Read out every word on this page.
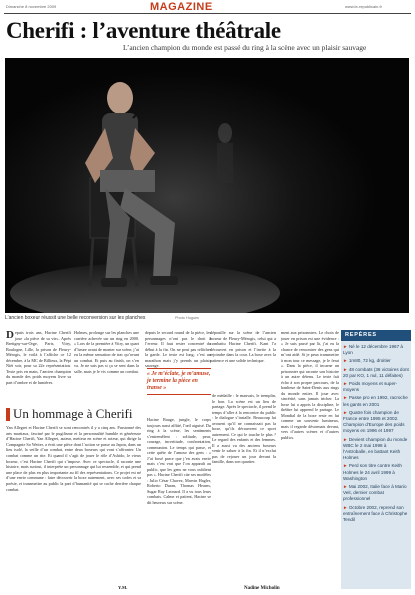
Dimanche 8 novembre 2009	MAGAZINE	www.le-republicain.fr
Cherifi : l’aventure théâtrale
L’ancien champion du monde est passé du ring à la scène avec un plaisir sauvage
L’ancien boxeur réussit une belle reconversion sur les planches	Photo Hugues
D epuis trois ans, Hacine Cherifi joue «la pièce de sa vie». Après Bretigny-sur-Orge, Paris, Vitry, Boulogne, Lille, la prison de Fleury-Mérogis, le voilà à l’affiche ce 12 décembre, à la MC de Billieux, la Pépi Nièt soir, pour sa 22e représentation. Texte pris en main, l’ancien champion du monde des poids moyens livre sa part d’ombre et de lumières.

Holmes, prolonge sur les planches une carrière achevée sur un ring en 2000. « Lors de la première à Vitry, un quart d’heure avant de monter sur scène, j’ai eu la même sensation de trac qu’avant un combat. Et puis au finish, on s’en va. Je ne sais pas si ça se sent dans la salle, mais je le vis comme un combat.

depuis le second round de la pièce, les personnages n’ont pas le droit à l’erreur. Il faut rester concentré du début à la fin. On ne peut pas relâcher la garde. Le texte est long, c’est un marathon mais j’y prends un plaisir sauvage.

dépouille sur la scène de l’ancien boxeur de Fleury-Mérogis, celui qui a combattu Hacine Cherifi. Kant l’a découvert en prison et l’invite à la rejoindre dans la cour. La boxe avec la patience et une solide technique.

« Je m’éclate, je m’amuse, je termine la pièce en transe »

Hacine Bauge, jungle, le corps toujours aussi affûté, l’œil aiguisé. Du ring à la scène, les sentiments s’entremêlent : solitude, peur, courage, incertitude, confrontation, communion. Le temps qui passe, et cette quête de l’amour des gens : « J’ai boxé parce que j’en avais envie mais c’est vrai que l’on apparaît au public, que les gens ne vous oublient pas ». Hacine Cherifi cite ses modèles : Julio César Chavez, Marvin Hagler, Roberto Duran, Thomas Hearns, Sugar Ray Leonard. Il a vu tous leurs combats. Calme et patient, Hacine se dit heureux sur scène.

de médaille : le mauvais, le tremplin, le bon. La scène est un lieu de partage. Après le spectacle, il prend le temps d’aller à la rencontre du public : le dialogue s’installe. Beaucoup lui avouent qu’il ne connaissait pas la boxe, qu’ils découvrent ce sport autrement. Ce qui le touche le plus ? Le regard des enfants et des femmes. Il a aussi vu des anciens boxeurs venir le saluer à la fin. Et il n’exclut pas de rejouer un jour devant la famille, dans son quartier.

ment aux prisonniers. Le choix de jouer en prison est une évidence : « Je suis passé par là, j’ai eu la chance de rencontrer des gens qui m’ont aidé. Si je peux transmettre à mon tour ce message, je le ferai ». Dans la pièce, il incarne un prisonnier qui raconte son histoire à un autre détenu. Le texte fait écho à son propre parcours, de la banlieue de Saint-Denis aux rings du monde entier. Il joue avec sincérité, sans jamais tricher. La boxe lui a appris la discipline, le théâtre lui apprend le partage. Le Mondial de la boxe reste en lui comme un souvenir lumineux, mais il regarde désormais devant, vers d’autres scènes et d’autres publics.

Nadine Micholin
Un hommage à Cherifi
Yan Allegret et Hacine Cherifi se sont rencontrés il y a cinq ans. Passionné des arts martiaux, fasciné par le pugilisme et la personnalité humble et généreuse d’Hacine Cherifi, Yan Allegret, auteur, metteur en scène et acteur, qui dirige la Compagnie So Weiter, a écrit une pièce dont l’action se passe au Japon, dans un lieu isolé, la veille d’un combat, entre deux boxeurs qui vont s’affronter. Un combat comme un rite. Et quand il s’agit de jouer le rôle d’Ashido, le vieux boxeur, c’est Hacine Cherifi qui s’impose. Avec ce spectacle, il raconte une histoire, mais surtout, il interprète un personnage qui lui ressemble, et qui prend une place de plus en plus importante au fil des représentations. Ce projet est né d’une envie commune : faire découvrir la boxe autrement, avec ses codes et sa poésie, et transmettre au public la part d’humanité qui se cache derrière chaque combat.
Y.M.
REPÈRES

► Né le 12 décembre 1967 à Lyon

► 1m80, 72 kg, droitier

► 48 combats (36 victoires dont 20 par KO, 1 nul, 11 défaites)

► Poids moyens et super-moyens

► Passe pro en 1992, racroche les gants en 2001

► Quatre fois champion de France entre 1995 et 2002. Champion d’Europe des poids moyens en 1996 et 1997

► Devient champion du monde WBC le 2 mai 1998 à l’Astroballe, en battant Keith Holmes

► Perd son titre contre Keith Holmes le 24 avril 1999 à Washington

► Mai 2002, Italie face à Mario Veit, dernier combat professionnel

► Octobre 2002, reprend son entraînement face à Christophe Tendil
